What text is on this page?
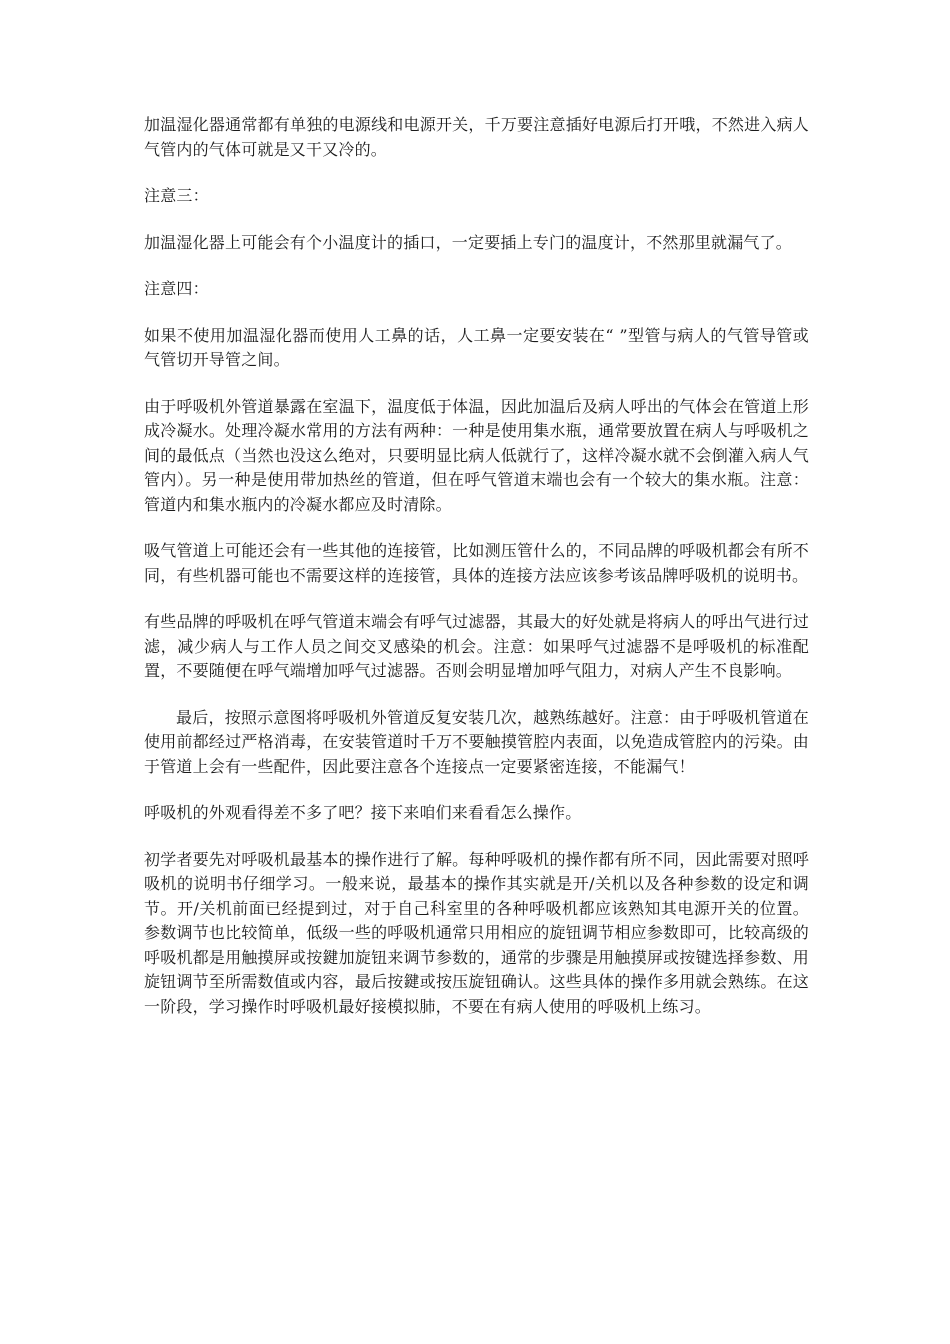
加温湿化器通常都有单独的电源线和电源开关，千万要注意插好电源后打开哦，不然进入病人气管内的气体可就是又干又冷的。

注意三：

加温湿化器上可能会有个小温度计的插口，一定要插上专门的温度计，不然那里就漏气了。

注意四：

如果不使用加温湿化器而使用人工鼻的话，人工鼻一定要安装在“ ”型管与病人的气管导管或气管切开导管之间。

由于呼吸机外管道暴露在室温下，温度低于体温，因此加温后及病人呼出的气体会在管道上形成冷凝水。处理冷凝水常用的方法有两种：一种是使用集水瓶，通常要放置在病人与呼吸机之间的最低点（当然也没这么绝对，只要明显比病人低就行了，这样冷凝水就不会倒灌入病人气管内）。另一种是使用带加热丝的管道，但在呼气管道末端也会有一个较大的集水瓶。注意：管道内和集水瓶内的冷凝水都应及时清除。

吸气管道上可能还会有一些其他的连接管，比如测压管什么的，不同品牌的呼吸机都会有所不同，有些机器可能也不需要这样的连接管，具体的连接方法应该参考该品牌呼吸机的说明书。

有些品牌的呼吸机在呼气管道末端会有呼气过滤器，其最大的好处就是将病人的呼出气进行过滤，减少病人与工作人员之间交叉感染的机会。注意：如果呼气过滤器不是呼吸机的标准配置，不要随便在呼气端增加呼气过滤器。否则会明显增加呼气阻力，对病人产生不良影响。

最后，按照示意图将呼吸机外管道反复安装几次，越熟练越好。注意：由于呼吸机管道在使用前都经过严格消毒，在安装管道时千万不要触摸管腔内表面，以免造成管腔内的污染。由于管道上会有一些配件，因此要注意各个连接点一定要紧密连接，不能漏气！

呼吸机的外观看得差不多了吧？接下来咱们来看看怎么操作。

初学者要先对呼吸机最基本的操作进行了解。每种呼吸机的操作都有所不同，因此需要对照呼吸机的说明书仔细学习。一般来说，最基本的操作其实就是开/关机以及各种参数的设定和调节。开/关机前面已经提到过，对于自己科室里的各种呼吸机都应该熟知其电源开关的位置。参数调节也比较简单，低级一些的呼吸机通常只用相应的旋钮调节相应参数即可，比较高级的呼吸机都是用触摸屏或按鍵加旋钮来调节参数的，通常的步骤是用触摸屏或按键选择参数、用旋钮调节至所需数值或内容，最后按鍵或按压旋钮确认。这些具体的操作多用就会熟练。在这一阶段，学习操作时呼吸机最好接模拟肺，不要在有病人使用的呼吸机上练习。
